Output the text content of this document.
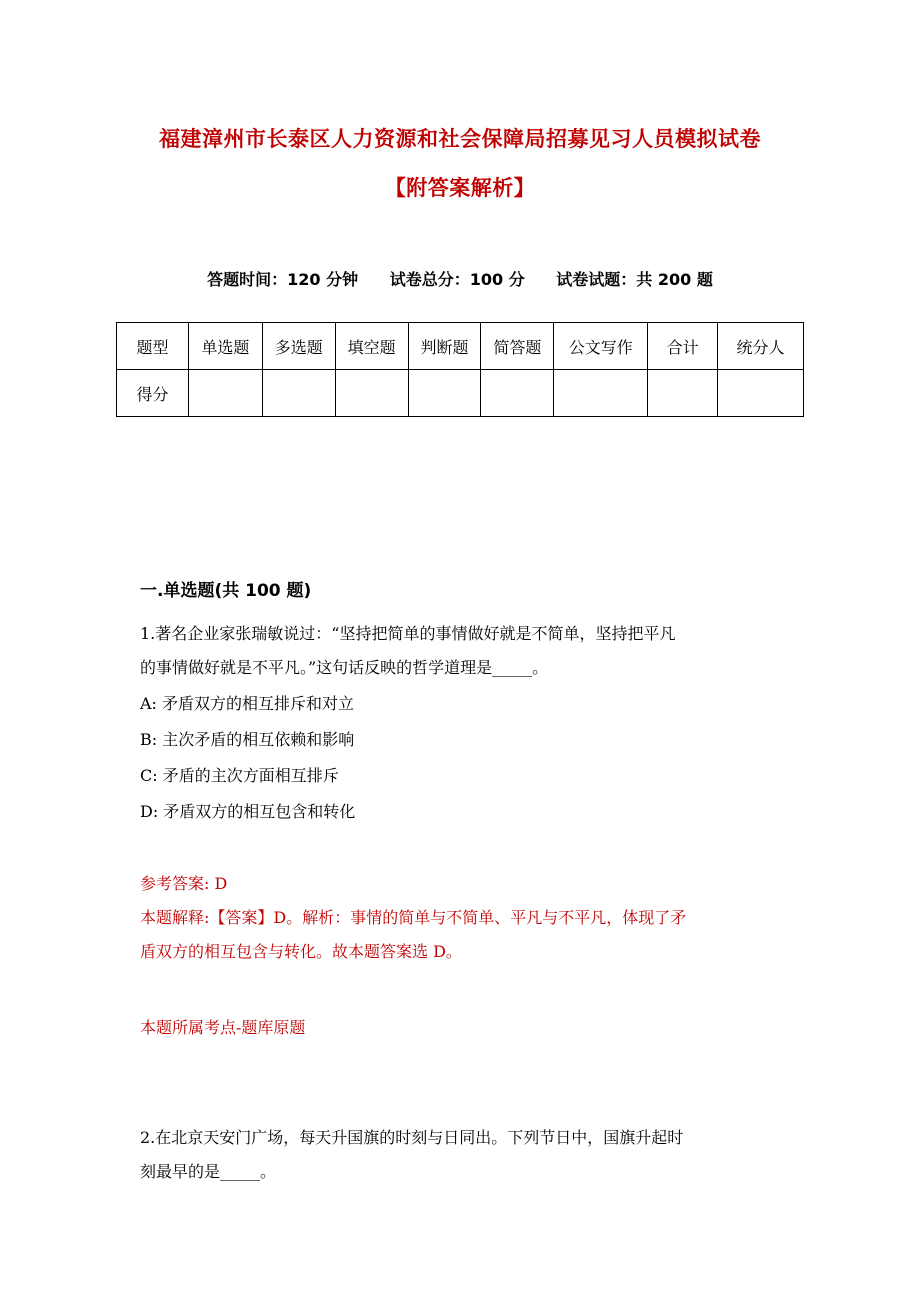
福建漳州市长泰区人力资源和社会保障局招募见习人员模拟试卷
【附答案解析】
答题时间：120 分钟 试卷总分：100 分 试卷试题：共 200 题
题型	单选题	多选题	填空题	判断题	简答题	公文写作	合计	统分人
得分								
一.单选题(共 100 题)
1.著名企业家张瑞敏说过：“坚持把简单的事情做好就是不简单，坚持把平凡
的事情做好就是不平凡。”这句话反映的哲学道理是_____。
A: 矛盾双方的相互排斥和对立
B: 主次矛盾的相互依赖和影响
C: 矛盾的主次方面相互排斥
D: 矛盾双方的相互包含和转化
参考答案: D
本题解释:【答案】D。解析：事情的简单与不简单、平凡与不平凡，体现了矛
盾双方的相互包含与转化。故本题答案选 D。
本题所属考点-题库原题
2.在北京天安门广场，每天升国旗的时刻与日同出。下列节日中，国旗升起时
刻最早的是_____。
